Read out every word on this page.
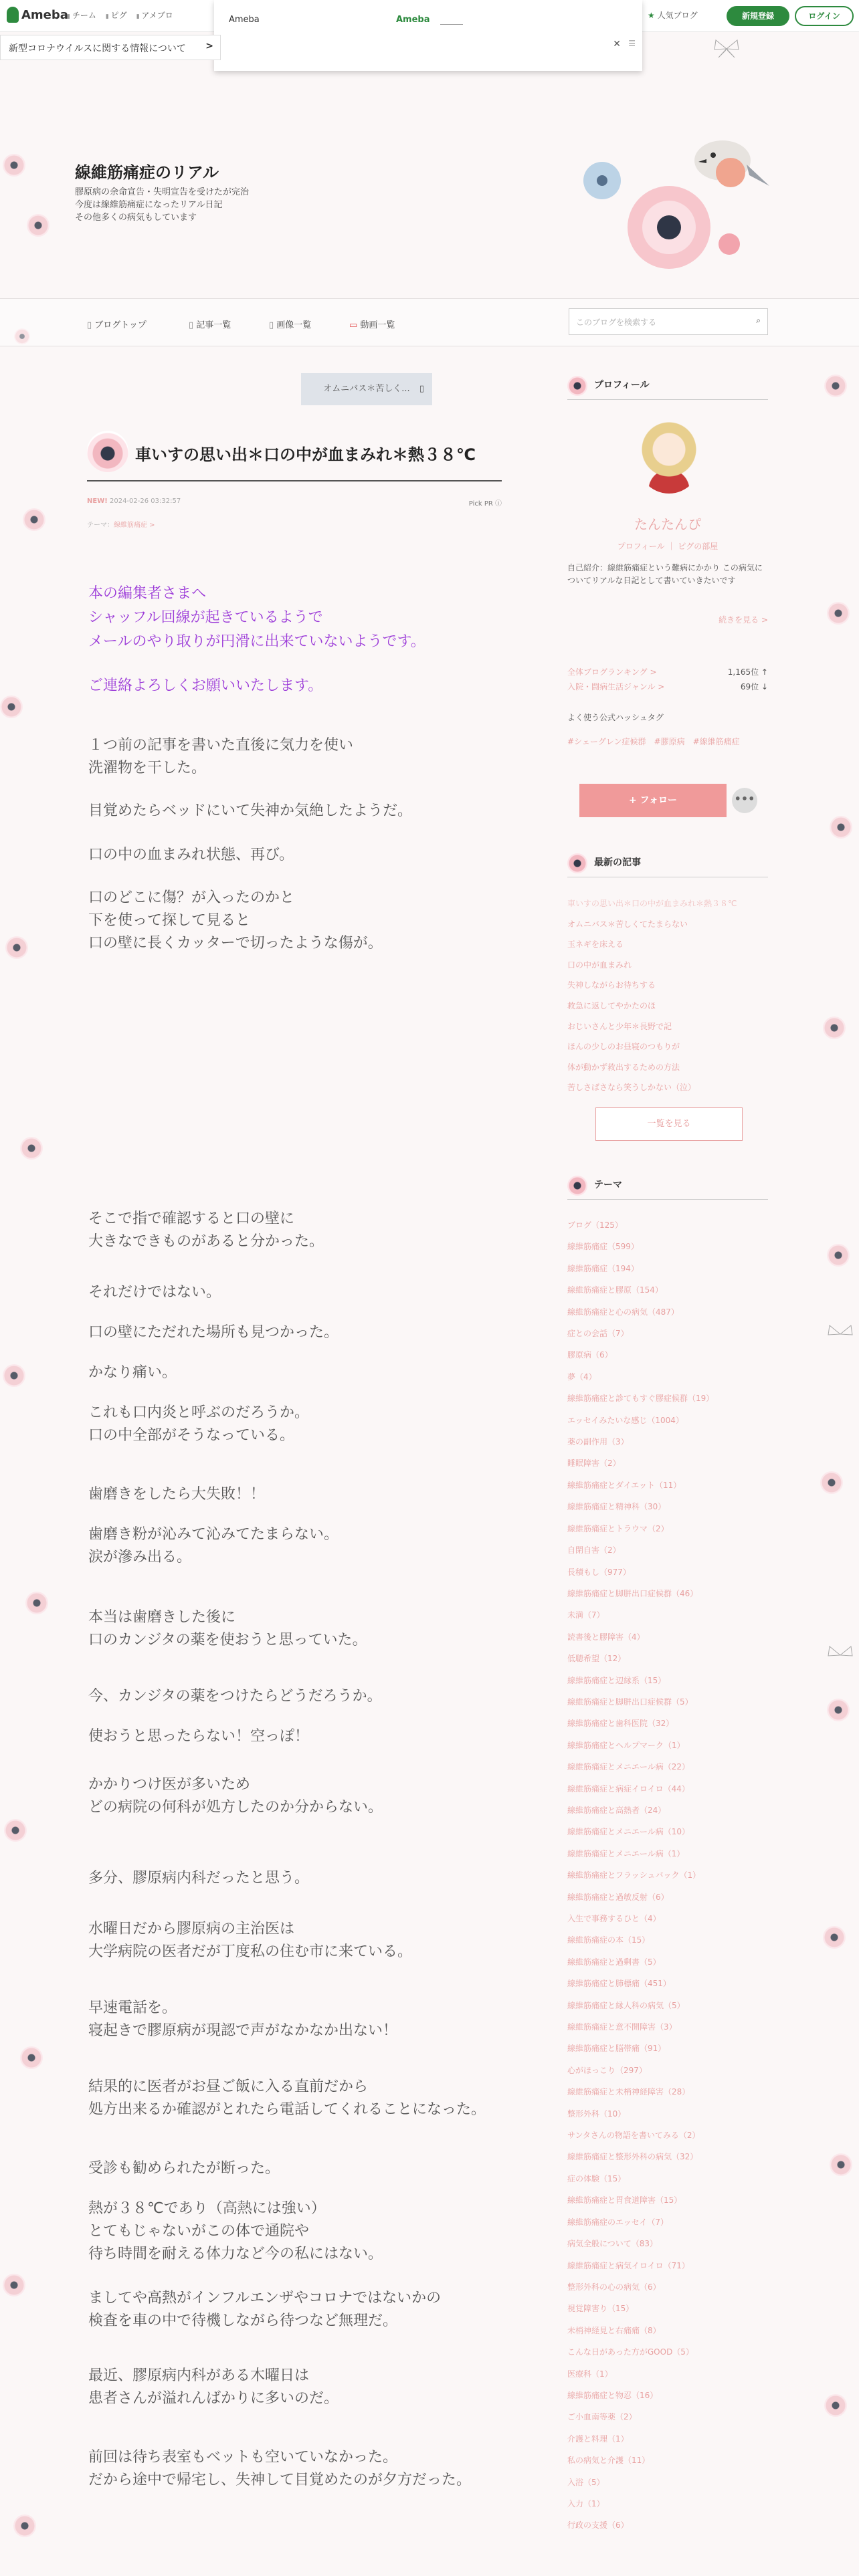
Ameba ▮ チーム	▮ ピグ	▮ アメブロ	★ 人気ブログ	新規登録	ログイン
Ameba	Ameba
✕ ☰
新型コロナウイルスに関する情報について >
線維筋痛症のリアル
膠原病の余命宣告・失明宣告を受けたが完治
今度は線維筋痛症になったリアル日記
その他多くの病気もしています
▯ ブログトップ	▯ 記事一覧	▯ 画像一覧	▭ 動画一覧	このブログを検索する	⌕
オムニバス＊苦しく... ▯
車いすの思い出＊口の中が血まみれ＊熱３８℃
NEW! 2024-02-26 03:32:57	Pick PR ⓘ
テーマ：線維筋痛症 >
本の編集者さまへ
シャッフル回線が起きているようで
メールのやり取りが円滑に出来ていないようです。
ご連絡よろしくお願いいたします。
１つ前の記事を書いた直後に気力を使い
洗濯物を干した。
目覚めたらベッドにいて失神か気絶したようだ。
口の中の血まみれ状態、再び。
口のどこに傷？が入ったのかと
下を使って探して見ると
口の壁に長くカッターで切ったような傷が。
そこで指で確認すると口の壁に
大きなできものがあると分かった。
それだけではない。
口の壁にただれた場所も見つかった。
かなり痛い。
これも口内炎と呼ぶのだろうか。
口の中全部がそうなっている。
歯磨きをしたら大失敗！！
歯磨き粉が沁みて沁みてたまらない。
涙が滲み出る。
本当は歯磨きした後に
口のカンジタの薬を使おうと思っていた。
今、カンジタの薬をつけたらどうだろうか。
使おうと思ったらない！空っぽ！
かかりつけ医が多いため
どの病院の何科が処方したのか分からない。
多分、膠原病内科だったと思う。
水曜日だから膠原病の主治医は
大学病院の医者だが丁度私の住む市に来ている。
早速電話を。
寝起きで膠原病が現認で声がなかなか出ない！
結果的に医者がお昼ご飯に入る直前だから
処方出来るか確認がとれたら電話してくれることになった。
受診も勧められたが断った。
熱が３８℃であり（高熱には強い）
とてもじゃないがこの体で通院や
待ち時間を耐える体力など今の私にはない。
ましてや高熱がインフルエンザやコロナではないかの
検査を車の中で待機しながら待つなど無理だ。
最近、膠原病内科がある木曜日は
患者さんが溢れんばかりに多いのだ。
前回は待ち表室もベットも空いていなかった。
だから途中で帰宅し、失神して目覚めたのが夕方だった。
プロフィール
たんたんぴ
プロフィール ｜ ピグの部屋
自己紹介：線維筋痛症という難病にかかり この病気についてリアルな日記として書いていきたいです
続きを見る >
全体ブログランキング >	1,165位 ↑
入院・闘病生活ジャンル >	69位 ↓
よく使う公式ハッシュタグ
#シェーグレン症候群 #膠原病 #線維筋痛症
+ フォロー	•••
最新の記事
車いすの思い出＊口の中が血まみれ＊熱３８℃
オムニバス＊苦しくてたまらない
玉ネギを床える
口の中が血まみれ
失神しながらお待ちする
救急に返してやかたのほ
おじいさんと少年＊長野で記
ほんの少しのお昼寝のつもりが
体が動かず救出するための方法
苦しさばさなら笑うしかない（泣）
一覧を見る
テーマ
ブログ（125）
線維筋痛症（599）
線維筋痛症（194）
線維筋痛症と膠原（154）
線維筋痛症と心の病気（487）
症との会話（7）
膠原病（6）
夢（4）
線維筋痛症と診てもすぐ膠症候群（19）
エッセイみたいな感じ（1004）
薬の副作用（3）
睡眠障害（2）
線維筋痛症とダイエット（11）
線維筋痛症と精神科（30）
線維筋痛症とトラウマ（2）
自閉自害（2）
長積もし（977）
線維筋痛症と脚胼出口症候群（46）
未満（7）
読書後と膠障害（4）
低聴希望（12）
線維筋痛症と辺縁系（15）
線維筋痛症と脚胼出口症候群（5）
線維筋痛症と歯科医院（32）
線維筋痛症とヘルプマーク（1）
線維筋痛症とメニエール病（22）
線維筋痛症と病症イロイロ（44）
線維筋痛症と高熱者（24）
線維筋痛症とメニエール病（10）
線維筋痛症とメニエール病（1）
線維筋痛症とフラッシュバック（1）
線維筋痛症と過敏反射（6）
入生で事務するひと（4）
線維筋痛症の本（15）
線維筋痛症と過剰書（5）
線維筋痛症と肺標痛（451）
線維筋痛症と縁人科の病気（5）
線維筋痛症と意不開障害（3）
線維筋痛症と脳帯痛（91）
心がほっこり（297）
線維筋痛症と未梢神経障害（28）
整形外科（10）
サンタさんの物語を書いてみる（2）
線維筋痛症と整形外科の病気（32）
症の体験（15）
線維筋痛症と胃食道障害（15）
線維筋痛症のエッセイ（7）
病気全般について（83）
線維筋痛症と病気イロイロ（71）
整形外科の心の病気（6）
視覚障害り（15）
未梢神経見と右痛痛（8）
こんな日があった方がGOOD（5）
医療科（1）
線維筋痛症と物忍（16）
ご小血南等薬（2）
介護と料理（1）
私の病気と介護（11）
入浴（5）
入力（1）
行政の支援（6）
